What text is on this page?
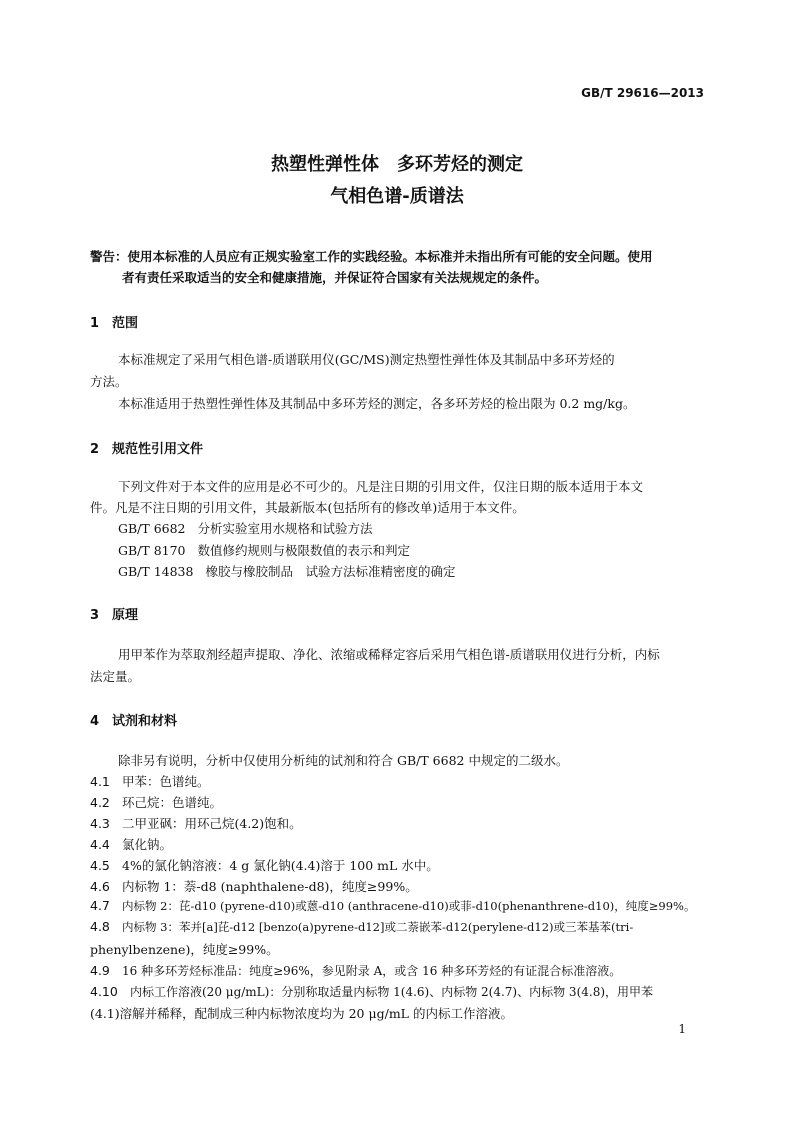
GB/T 29616—2013
热塑性弹性体　多环芳烃的测定
气相色谱-质谱法
警告：使用本标准的人员应有正规实验室工作的实践经验。本标准并未指出所有可能的安全问题。使用
者有责任采取适当的安全和健康措施，并保证符合国家有关法规规定的条件。
1 范围
本标准规定了采用气相色谱-质谱联用仪(GC/MS)测定热塑性弹性体及其制品中多环芳烃的
方法。
本标准适用于热塑性弹性体及其制品中多环芳烃的测定，各多环芳烃的检出限为 0.2 mg/kg。
2 规范性引用文件
下列文件对于本文件的应用是必不可少的。凡是注日期的引用文件，仅注日期的版本适用于本文
件。凡是不注日期的引用文件，其最新版本(包括所有的修改单)适用于本文件。
GB/T 6682 分析实验室用水规格和试验方法
GB/T 8170 数值修约规则与极限数值的表示和判定
GB/T 14838 橡胶与橡胶制品　试验方法标准精密度的确定
3 原理
用甲苯作为萃取剂经超声提取、净化、浓缩或稀释定容后采用气相色谱-质谱联用仪进行分析，内标
法定量。
4 试剂和材料
除非另有说明，分析中仅使用分析纯的试剂和符合 GB/T 6682 中规定的二级水。
4.1 甲苯：色谱纯。
4.2 环己烷：色谱纯。
4.3 二甲亚砜：用环己烷(4.2)饱和。
4.4 氯化钠。
4.5 4%的氯化钠溶液：4 g 氯化钠(4.4)溶于 100 mL 水中。
4.6 内标物 1：萘-d8 (naphthalene-d8)，纯度≥99%。
4.7 内标物 2：芘-d10 (pyrene-d10)或蒽-d10 (anthracene-d10)或菲-d10(phenanthrene-d10)，纯度≥99%。
4.8 内标物 3：苯并[a]芘-d12 [benzo(a)pyrene-d12]或二萘嵌苯-d12(perylene-d12)或三苯基苯(tri-
phenylbenzene)，纯度≥99%。
4.9 16 种多环芳烃标准品：纯度≥96%，参见附录 A，或含 16 种多环芳烃的有证混合标准溶液。
4.10 内标工作溶液(20 μg/mL)：分别称取适量内标物 1(4.6)、内标物 2(4.7)、内标物 3(4.8)，用甲苯
(4.1)溶解并稀释，配制成三种内标物浓度均为 20 μg/mL 的内标工作溶液。
1
